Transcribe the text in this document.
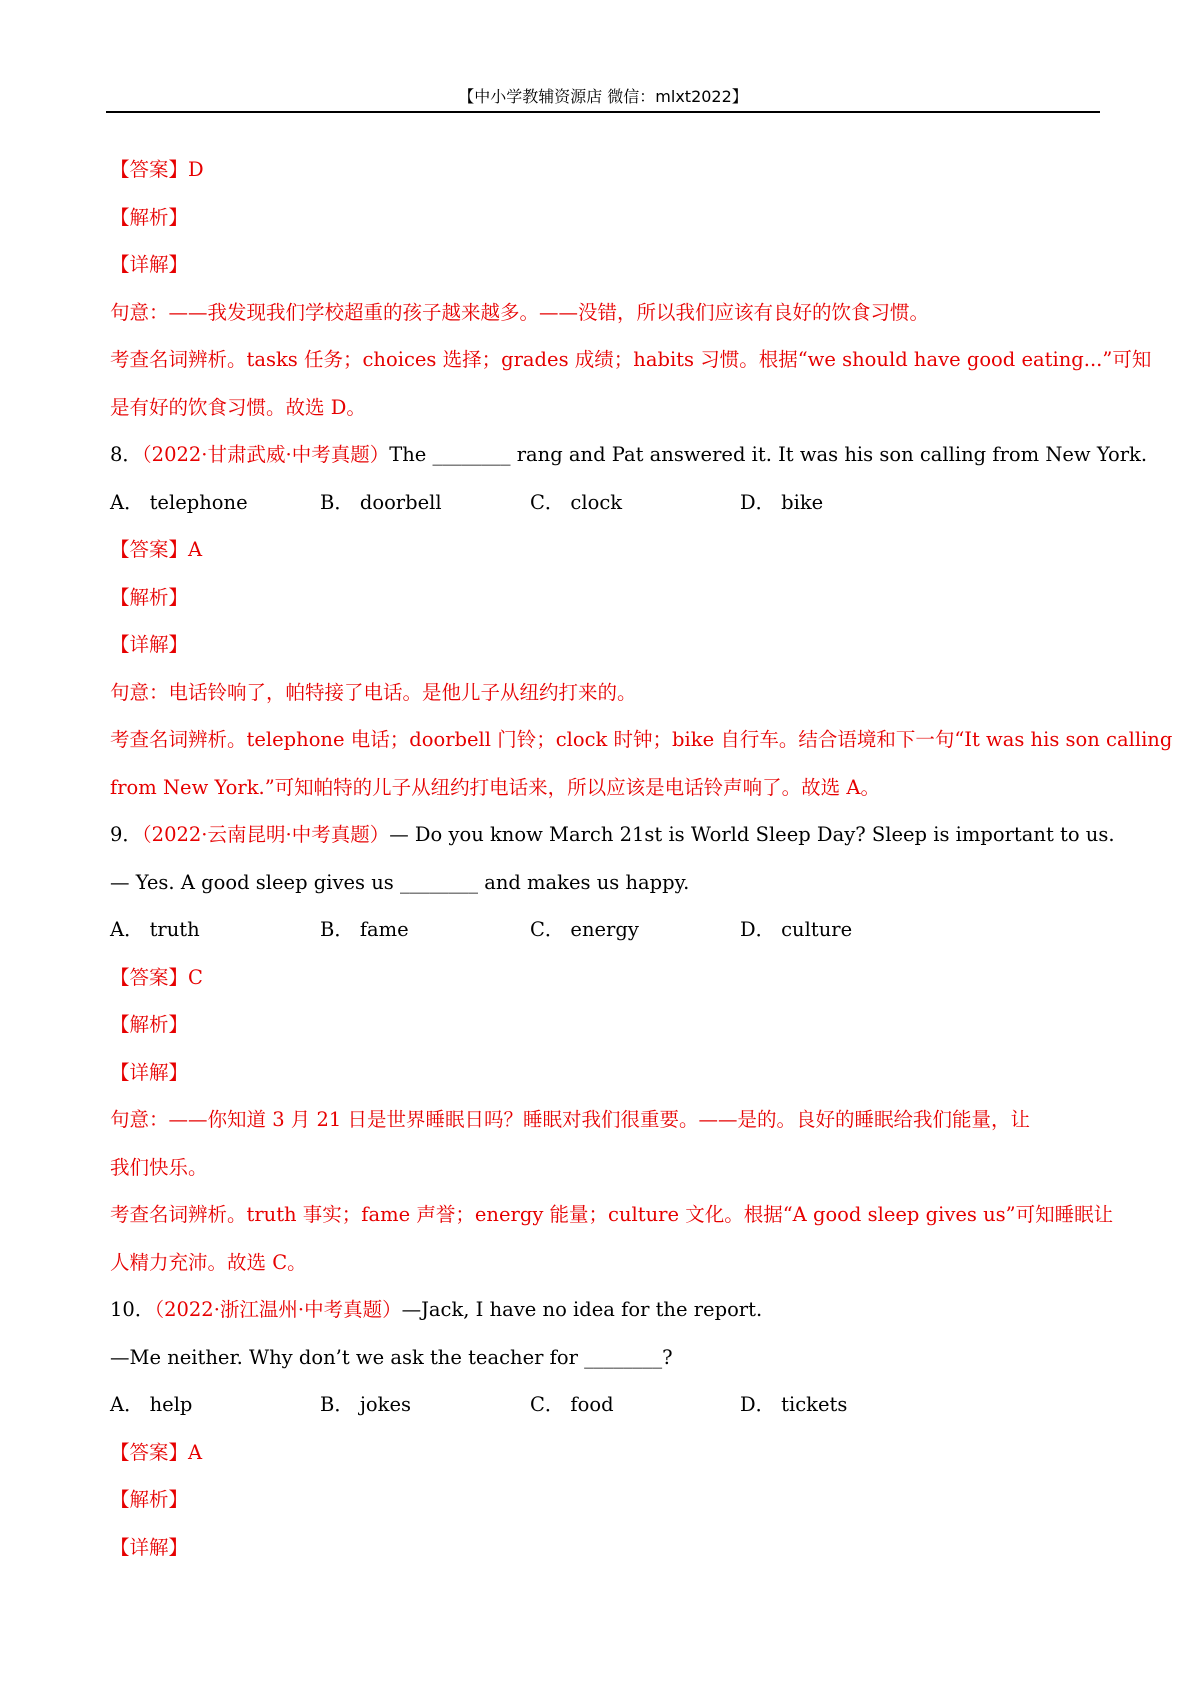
【中小学教辅资源店 微信：mlxt2022】
【答案】D
【解析】
【详解】
句意：——我发现我们学校超重的孩子越来越多。——没错，所以我们应该有良好的饮食习惯。
考查名词辨析。tasks 任务；choices 选择；grades 成绩；habits 习惯。根据“we should have good eating...”可知
是有好的饮食习惯。故选 D。
8．（2022·甘肃武威·中考真题）The ________ rang and Pat answered it. It was his son calling from New York.
A． telephone	B． doorbell	C． clock	D． bike
【答案】A
【解析】
【详解】
句意：电话铃响了，帕特接了电话。是他儿子从纽约打来的。
考查名词辨析。telephone 电话；doorbell 门铃；clock 时钟；bike 自行车。结合语境和下一句“It was his son calling
from New York.”可知帕特的儿子从纽约打电话来，所以应该是电话铃声响了。故选 A。
9．（2022·云南昆明·中考真题）— Do you know March 21st is World Sleep Day? Sleep is important to us.
— Yes. A good sleep gives us ________ and makes us happy.
A． truth	B． fame	C． energy	D． culture
【答案】C
【解析】
【详解】
句意：——你知道 3 月 21 日是世界睡眠日吗？睡眠对我们很重要。——是的。良好的睡眠给我们能量，让
我们快乐。
考查名词辨析。truth 事实；fame 声誉；energy 能量；culture 文化。根据“A good sleep gives us”可知睡眠让
人精力充沛。故选 C。
10．（2022·浙江温州·中考真题）—Jack, I have no idea for the report.
—Me neither. Why don’t we ask the teacher for ________?
A． help	B． jokes	C． food	D． tickets
【答案】A
【解析】
【详解】
